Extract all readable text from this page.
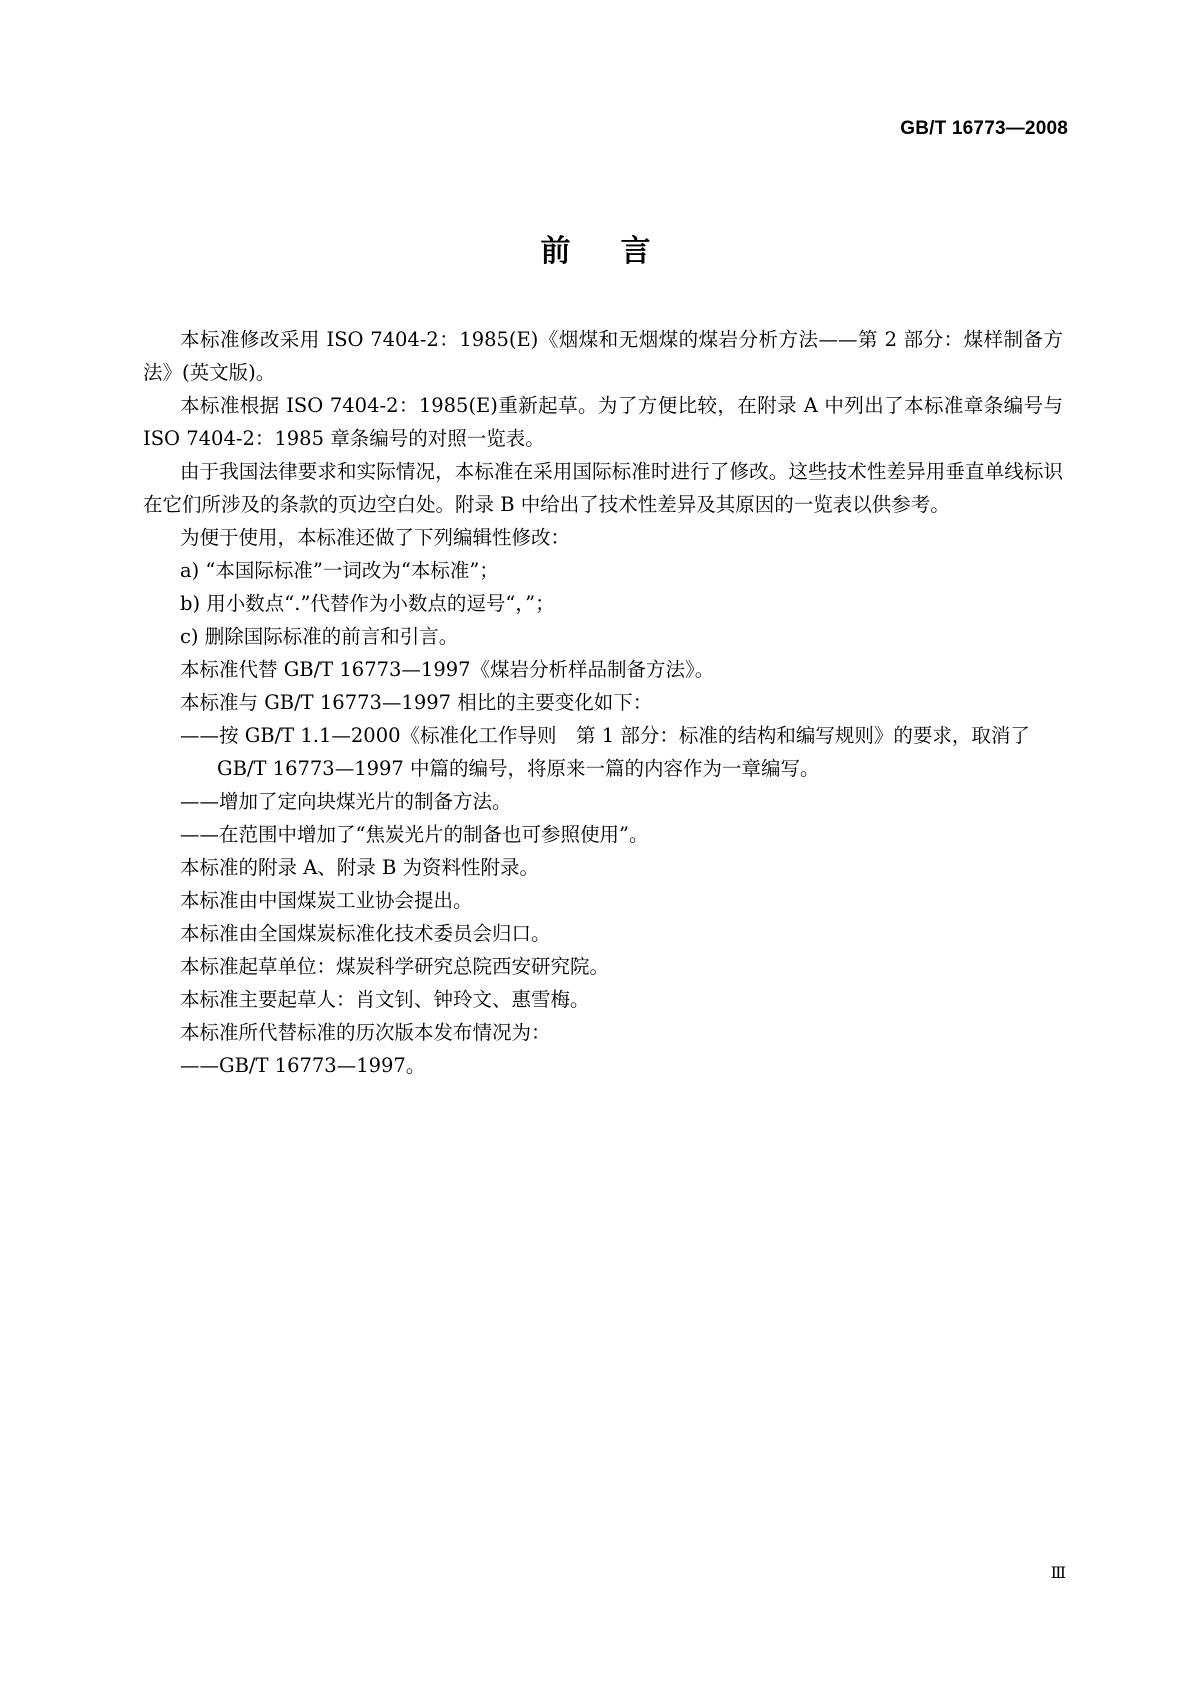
GB/T 16773—2008
前言

本标准修改采用 ISO 7404-2：1985(E)《烟煤和无烟煤的煤岩分析方法——第 2 部分：煤样制备方法》(英文版)。

本标准根据 ISO 7404-2：1985(E)重新起草。为了方便比较，在附录 A 中列出了本标准章条编号与 ISO 7404-2：1985 章条编号的对照一览表。

由于我国法律要求和实际情况，本标准在采用国际标准时进行了修改。这些技术性差异用垂直单线标识在它们所涉及的条款的页边空白处。附录 B 中给出了技术性差异及其原因的一览表以供参考。

为便于使用，本标准还做了下列编辑性修改：

a) “本国际标准”一词改为“本标准”；

b) 用小数点“.”代替作为小数点的逗号“，”；

c) 删除国际标准的前言和引言。

本标准代替 GB/T 16773—1997《煤岩分析样品制备方法》。

本标准与 GB/T 16773—1997 相比的主要变化如下：

——按 GB/T 1.1—2000《标准化工作导则　第 1 部分：标准的结构和编写规则》的要求，取消了 GB/T 16773—1997 中篇的编号，将原来一篇的内容作为一章编写。

——增加了定向块煤光片的制备方法。

——在范围中增加了“焦炭光片的制备也可参照使用”。

本标准的附录 A、附录 B 为资料性附录。

本标准由中国煤炭工业协会提出。

本标准由全国煤炭标准化技术委员会归口。

本标准起草单位：煤炭科学研究总院西安研究院。

本标准主要起草人：肖文钊、钟玲文、惠雪梅。

本标准所代替标准的历次版本发布情况为：

——GB/T 16773—1997。

Ⅲ
